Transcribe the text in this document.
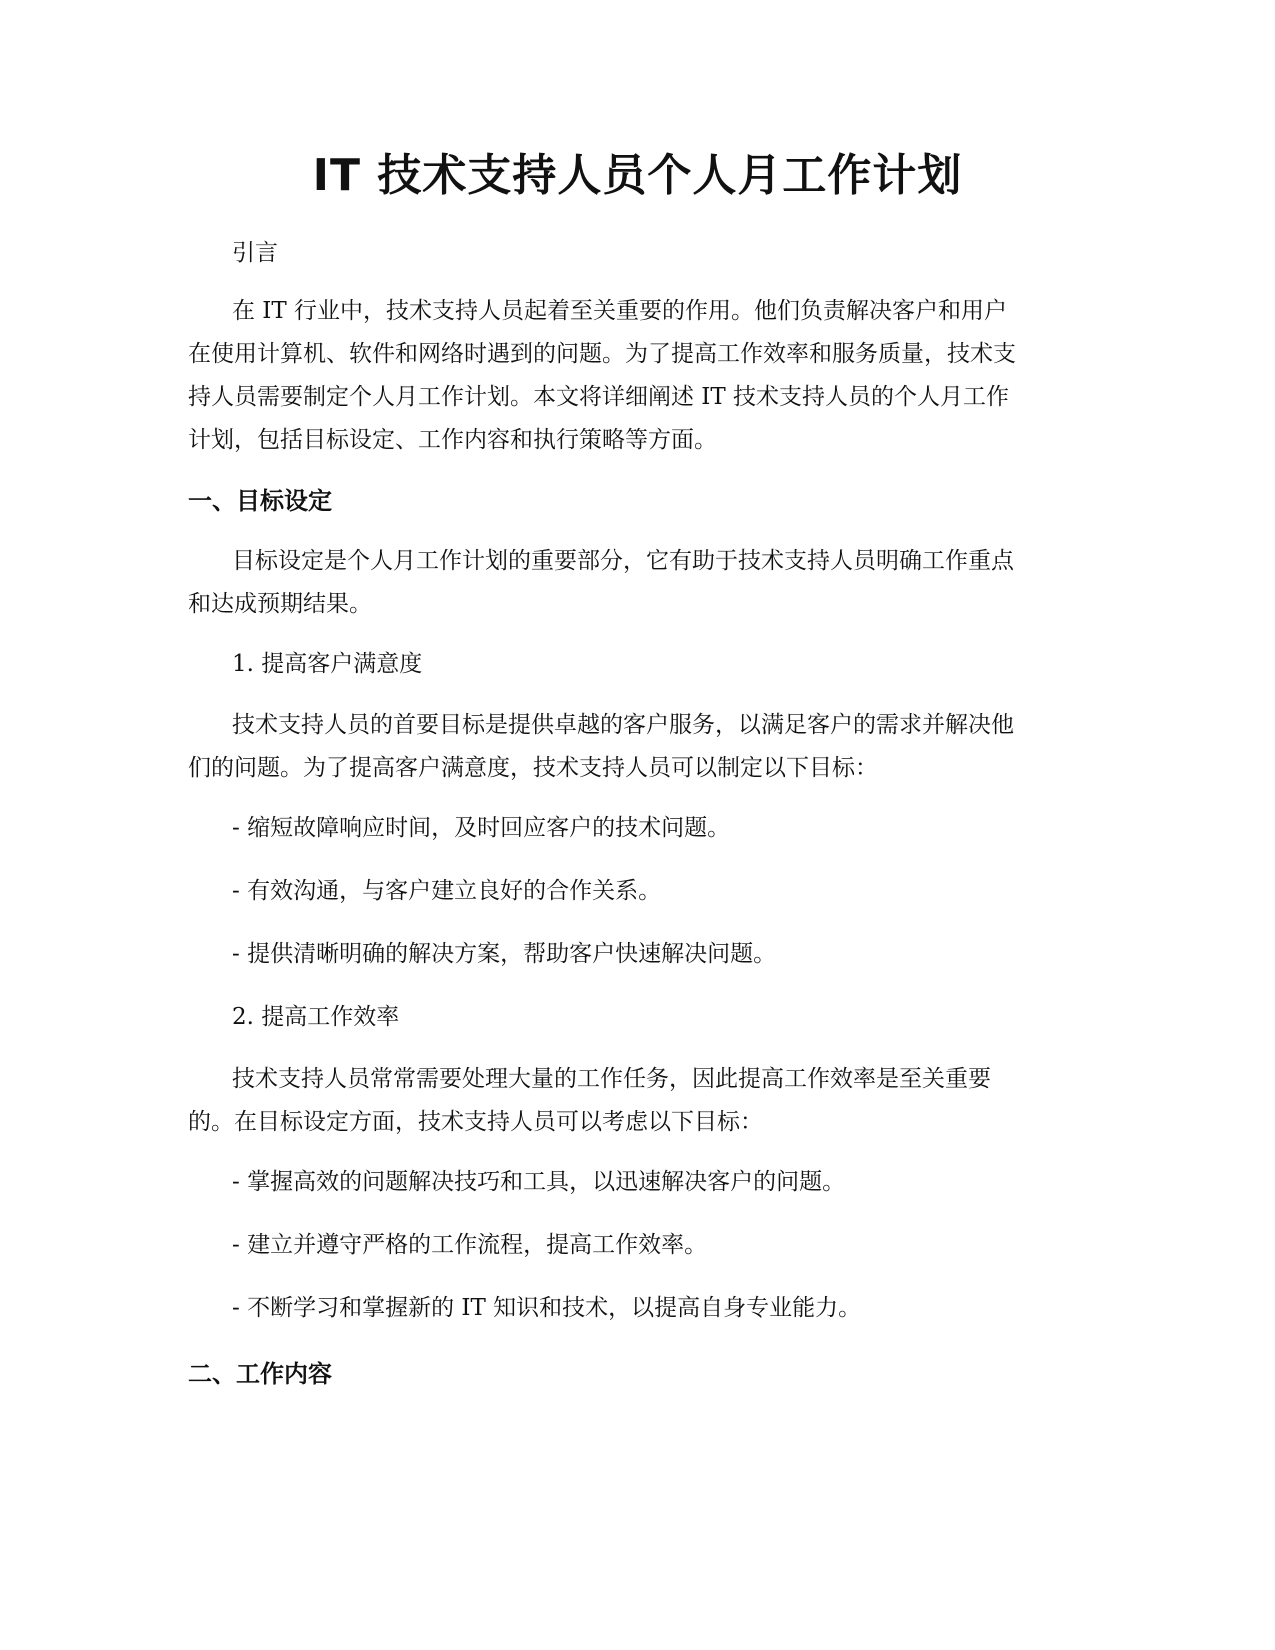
IT 技术支持人员个人月工作计划

引言

在 IT 行业中，技术支持人员起着至关重要的作用。他们负责解决客户和用户
在使用计算机、软件和网络时遇到的问题。为了提高工作效率和服务质量，技术支
持人员需要制定个人月工作计划。本文将详细阐述 IT 技术支持人员的个人月工作
计划，包括目标设定、工作内容和执行策略等方面。
一、目标设定
目标设定是个人月工作计划的重要部分，它有助于技术支持人员明确工作重点
和达成预期结果。

1. 提高客户满意度

技术支持人员的首要目标是提供卓越的客户服务，以满足客户的需求并解决他
们的问题。为了提高客户满意度，技术支持人员可以制定以下目标：

- 缩短故障响应时间，及时回应客户的技术问题。

- 有效沟通，与客户建立良好的合作关系。

- 提供清晰明确的解决方案，帮助客户快速解决问题。

2. 提高工作效率

技术支持人员常常需要处理大量的工作任务，因此提高工作效率是至关重要
的。在目标设定方面，技术支持人员可以考虑以下目标：

- 掌握高效的问题解决技巧和工具，以迅速解决客户的问题。

- 建立并遵守严格的工作流程，提高工作效率。

- 不断学习和掌握新的 IT 知识和技术，以提高自身专业能力。

二、工作内容
